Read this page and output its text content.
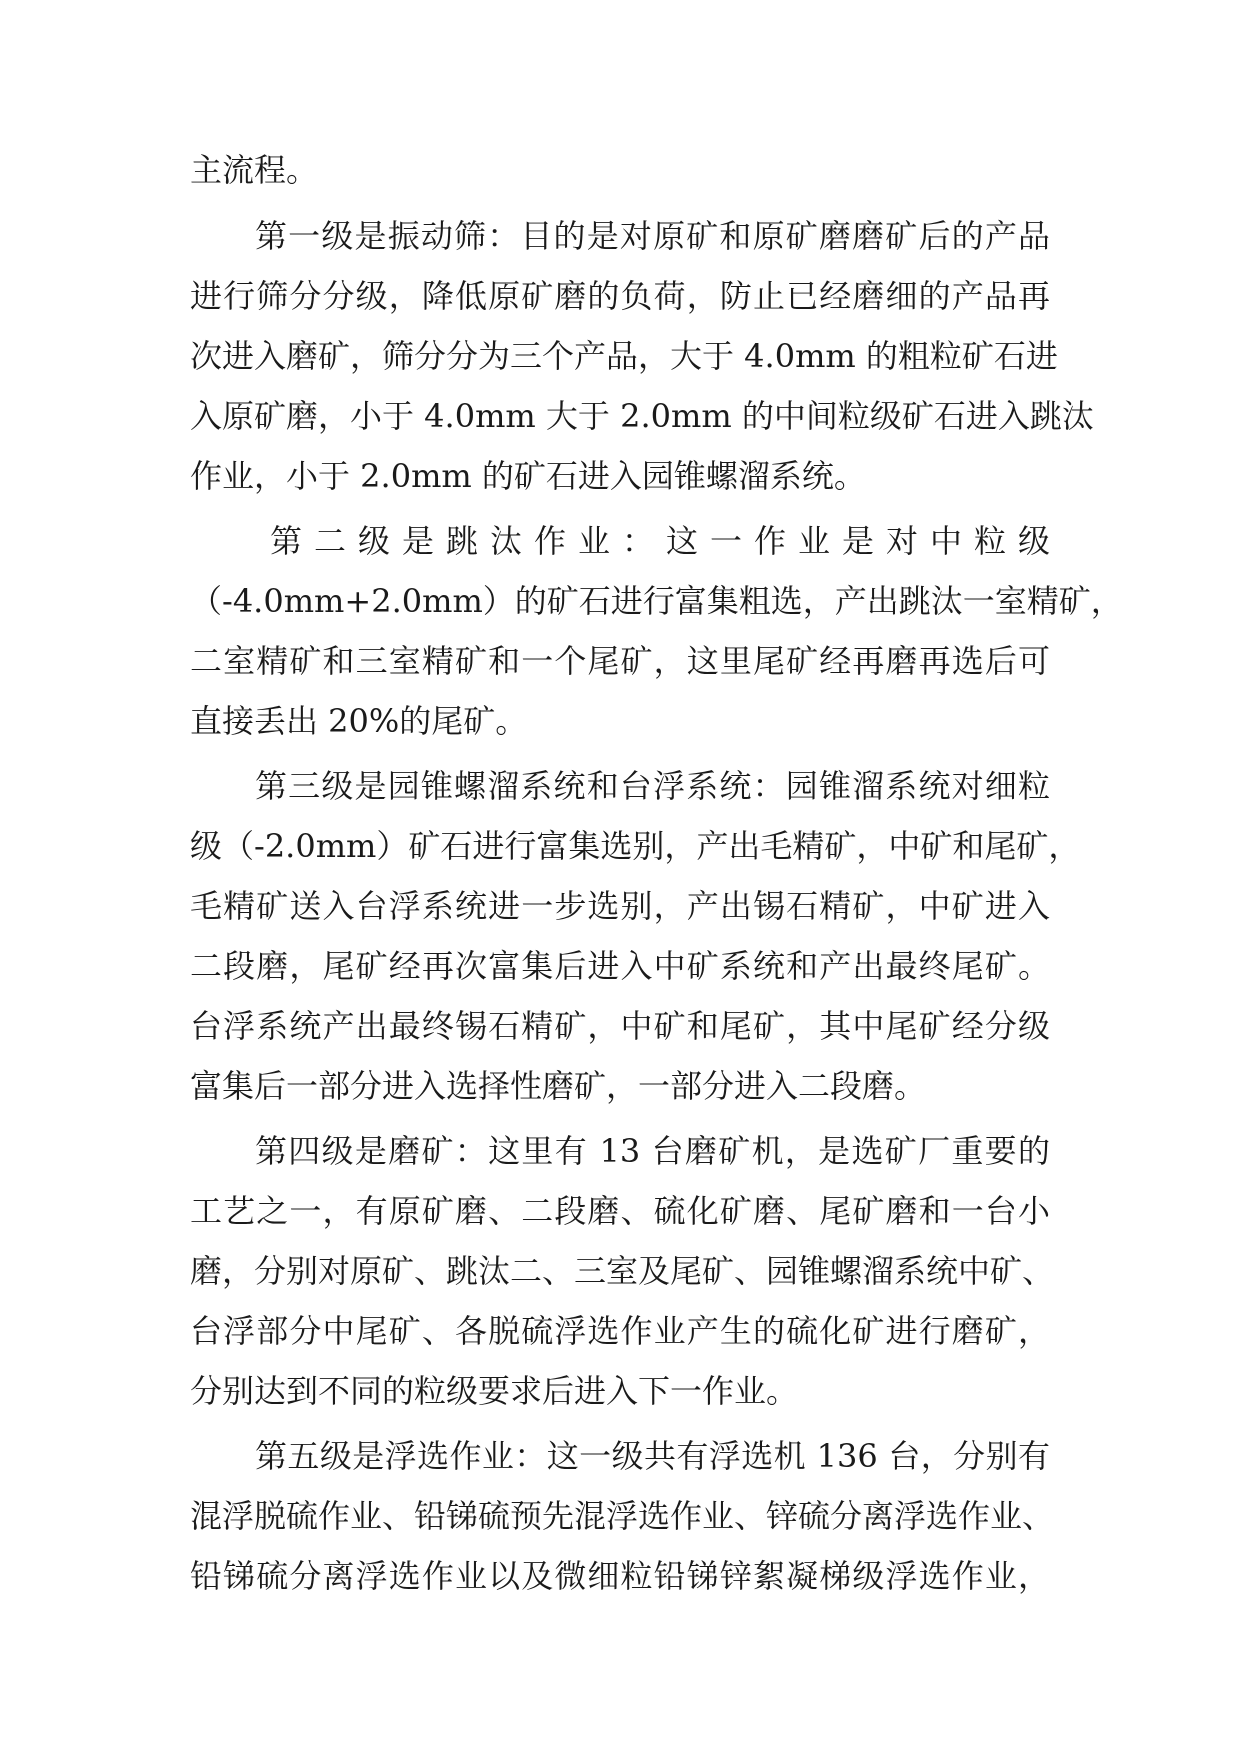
主流程。
第一级是振动筛：目的是对原矿和原矿磨磨矿后的产品
进行筛分分级，降低原矿磨的负荷，防止已经磨细的产品再
次进入磨矿，筛分分为三个产品，大于 4.0mm 的粗粒矿石进
入原矿磨，小于 4.0mm 大于 2.0mm 的中间粒级矿石进入跳汰
作业，小于 2.0mm 的矿石进入园锥螺溜系统。
第二级是跳汰作业：这一作业是对中粒级
（-4.0mm+2.0mm）的矿石进行富集粗选，产出跳汰一室精矿，
二室精矿和三室精矿和一个尾矿，这里尾矿经再磨再选后可
直接丢出 20%的尾矿。
第三级是园锥螺溜系统和台浮系统：园锥溜系统对细粒
级（-2.0mm）矿石进行富集选别，产出毛精矿，中矿和尾矿，
毛精矿送入台浮系统进一步选别，产出锡石精矿，中矿进入
二段磨，尾矿经再次富集后进入中矿系统和产出最终尾矿。
台浮系统产出最终锡石精矿，中矿和尾矿，其中尾矿经分级
富集后一部分进入选择性磨矿，一部分进入二段磨。
第四级是磨矿：这里有 13 台磨矿机，是选矿厂重要的
工艺之一，有原矿磨、二段磨、硫化矿磨、尾矿磨和一台小
磨，分别对原矿、跳汰二、三室及尾矿、园锥螺溜系统中矿、
台浮部分中尾矿、各脱硫浮选作业产生的硫化矿进行磨矿，
分别达到不同的粒级要求后进入下一作业。
第五级是浮选作业：这一级共有浮选机 136 台，分别有
混浮脱硫作业、铅锑硫预先混浮选作业、锌硫分离浮选作业、
铅锑硫分离浮选作业以及微细粒铅锑锌絮凝梯级浮选作业，
